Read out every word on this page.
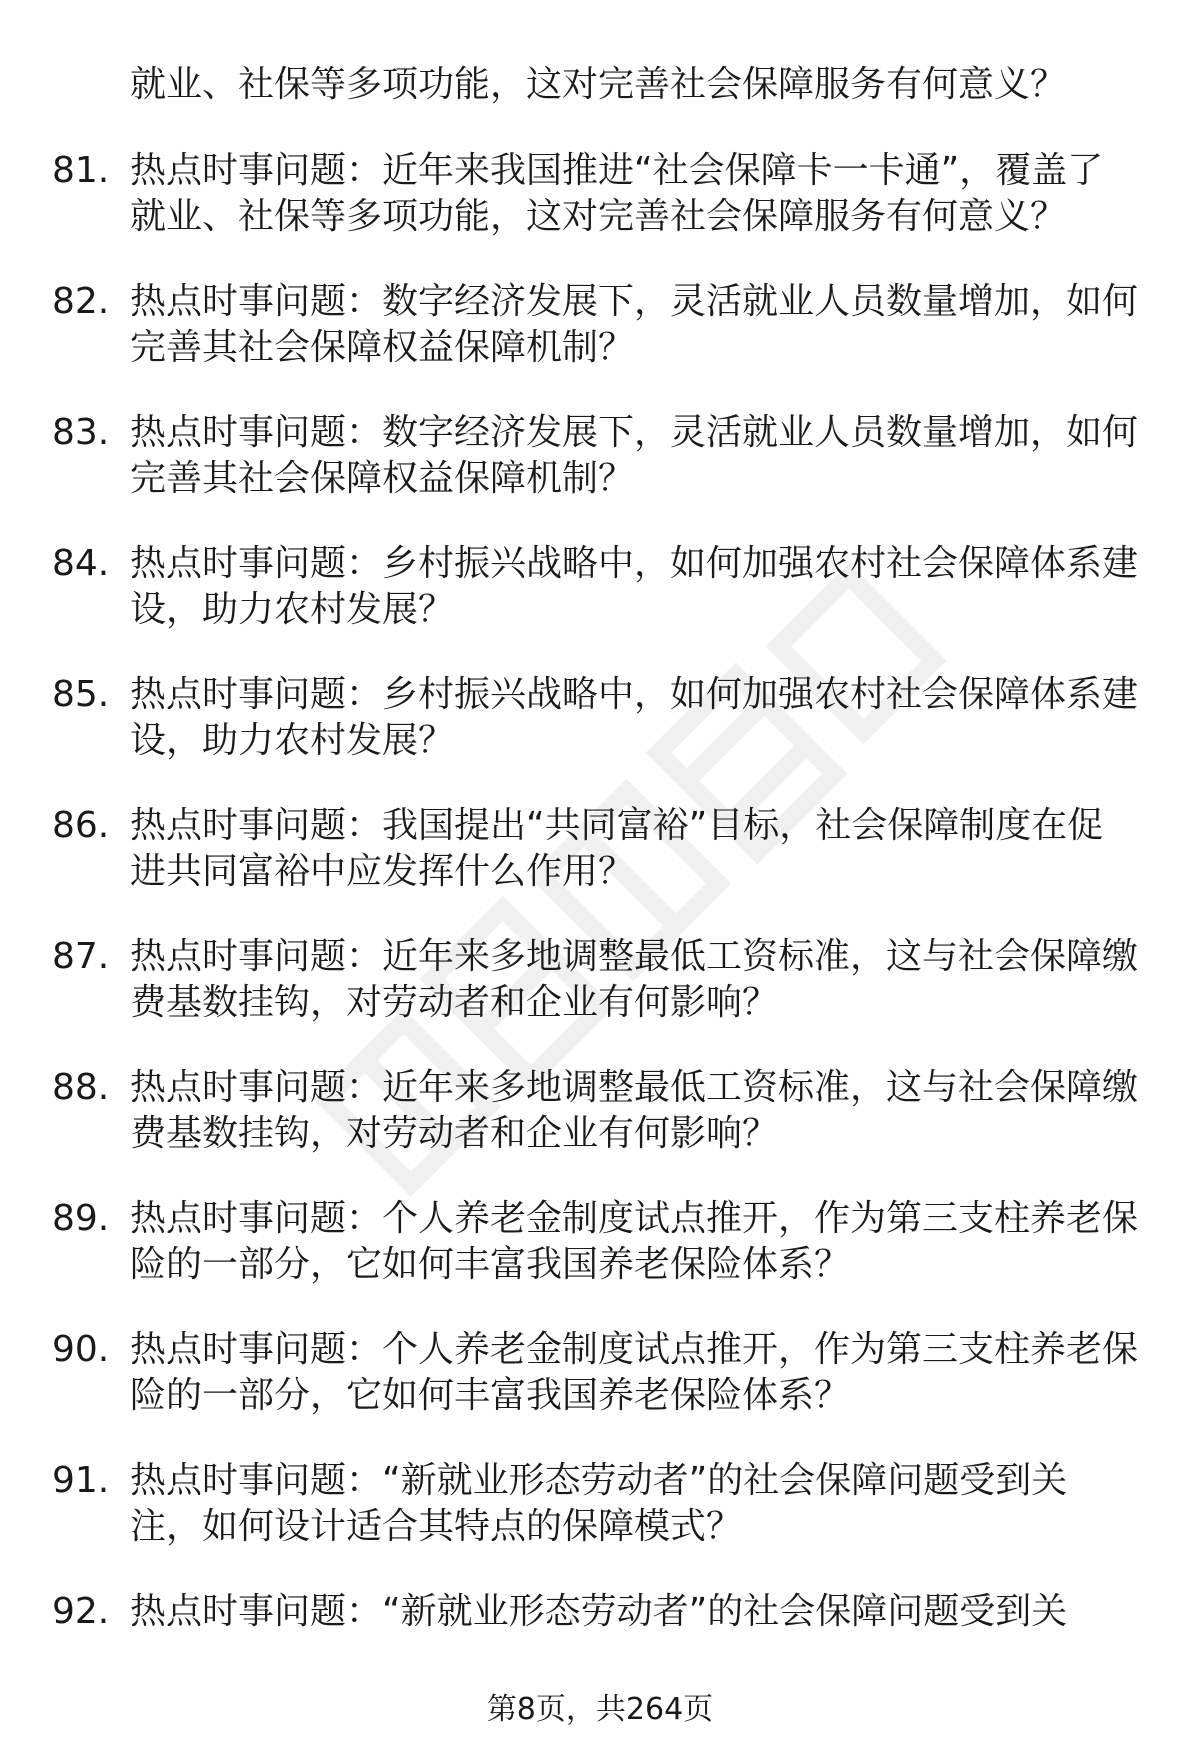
就业、社保等多项功能，这对完善社会保障服务有何意义？
81. 热点时事问题：近年来我国推进“社会保障卡一卡通”，覆盖了
就业、社保等多项功能，这对完善社会保障服务有何意义？
82. 热点时事问题：数字经济发展下，灵活就业人员数量增加，如何
完善其社会保障权益保障机制？
83. 热点时事问题：数字经济发展下，灵活就业人员数量增加，如何
完善其社会保障权益保障机制？
84. 热点时事问题：乡村振兴战略中，如何加强农村社会保障体系建
设，助力农村发展？
85. 热点时事问题：乡村振兴战略中，如何加强农村社会保障体系建
设，助力农村发展？
86. 热点时事问题：我国提出“共同富裕”目标，社会保障制度在促
进共同富裕中应发挥什么作用？
87. 热点时事问题：近年来多地调整最低工资标准，这与社会保障缴
费基数挂钩，对劳动者和企业有何影响？
88. 热点时事问题：近年来多地调整最低工资标准，这与社会保障缴
费基数挂钩，对劳动者和企业有何影响？
89. 热点时事问题：个人养老金制度试点推开，作为第三支柱养老保
险的一部分，它如何丰富我国养老保险体系？
90. 热点时事问题：个人养老金制度试点推开，作为第三支柱养老保
险的一部分，它如何丰富我国养老保险体系？
91. 热点时事问题：“新就业形态劳动者”的社会保障问题受到关
注，如何设计适合其特点的保障模式？
92. 热点时事问题：“新就业形态劳动者”的社会保障问题受到关
第8页，共264页
